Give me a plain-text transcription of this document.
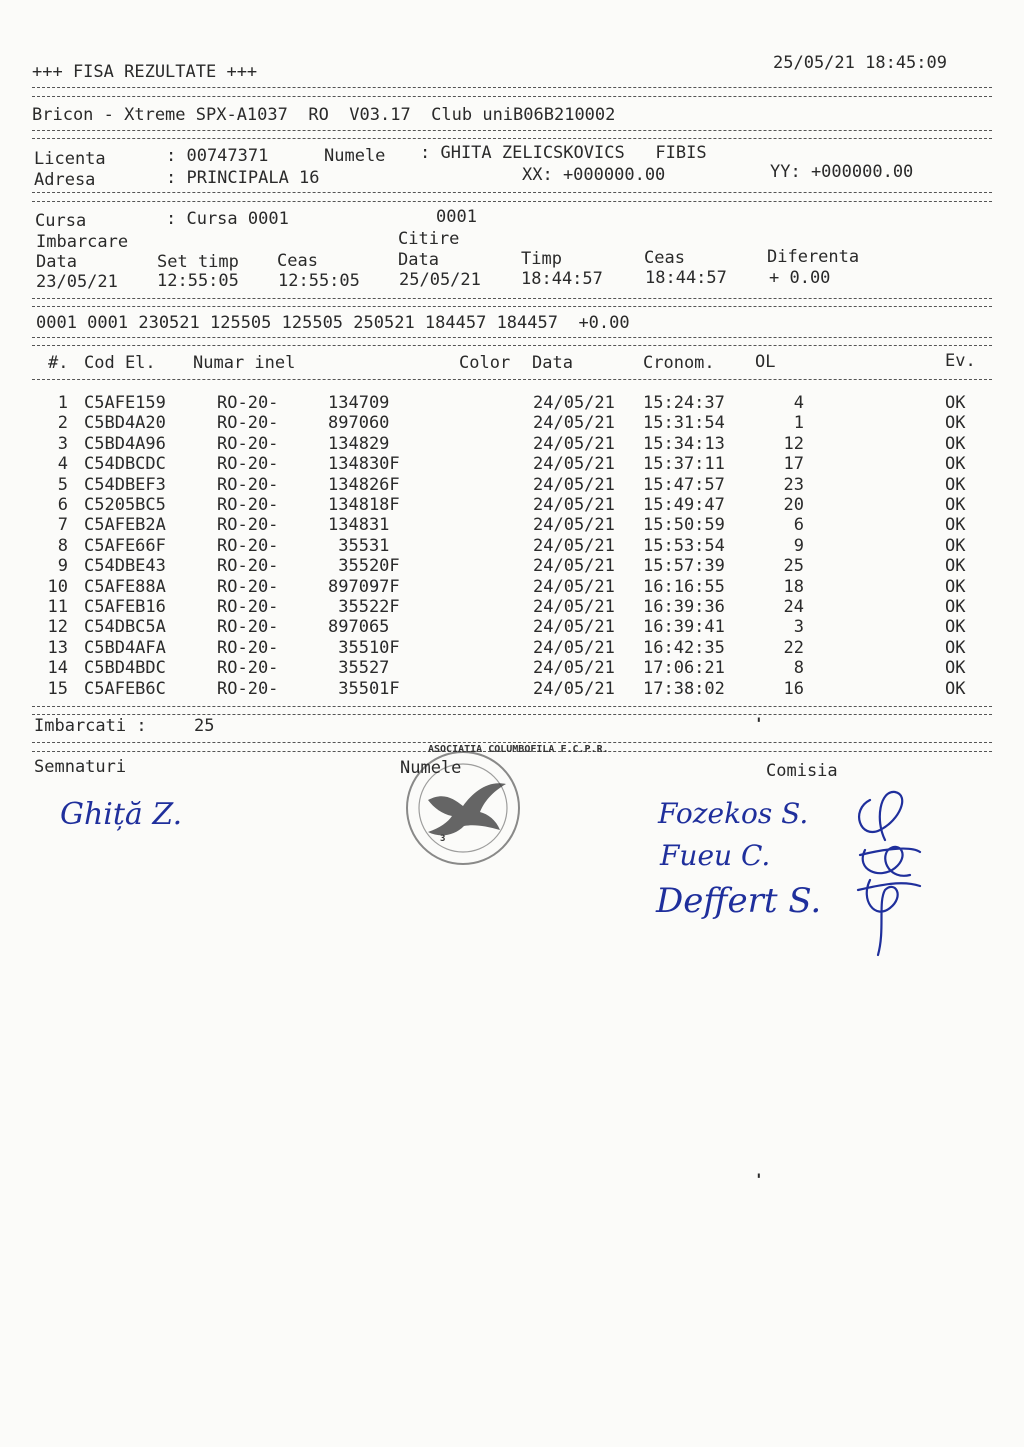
+++ FISA REZULTATE +++	25/05/21 18:45:09
Bricon - Xtreme SPX-A1037  RO  V03.17  Club uniB06B210002
Licenta	: 00747371	Numele : GHITA ZELICSKOVICS   FIBIS
Adresa	: PRINCIPALA 16	XX: +000000.00	YY: +000000.00
Cursa	: Cursa 0001	0001
Imbarcare	Citire
Data	Set timp Ceas	Data	Timp	Ceas	Diferenta
23/05/21 12:55:05 12:55:05 25/05/21 18:44:57 18:44:57 + 0.00
0001 0001 230521 125505 125505 250521 184457 184457  +0.00
#. Cod El. Numar inel	Color Data	Cronom. OL	Ev.
1 C5AFE159	RO-20-	134709	24/05/21 15:24:37	4	OK
2 C5BD4A20	RO-20-	897060	24/05/21 15:31:54	1	OK
3 C5BD4A96	RO-20-	134829	24/05/21 15:34:13	12	OK
4 C54DBCDC	RO-20-	134830F	24/05/21 15:37:11	17	OK
5 C54DBEF3	RO-20-	134826F	24/05/21 15:47:57	23	OK
6 C5205BC5	RO-20-	134818F	24/05/21 15:49:47	20	OK
7 C5AFEB2A	RO-20-	134831	24/05/21 15:50:59	6	OK
8 C5AFE66F	RO-20-	35531	24/05/21 15:53:54	9	OK
9 C54DBE43	RO-20-	35520F	24/05/21 15:57:39	25	OK
10 C5AFE88A	RO-20-	897097F	24/05/21 16:16:55	18	OK
11 C5AFEB16	RO-20-	35522F	24/05/21 16:39:36	24	OK
12 C54DBC5A	RO-20-	897065	24/05/21 16:39:41	3	OK
13 C5BD4AFA	RO-20-	35510F	24/05/21 16:42:35	22	OK
14 C5BD4BDC	RO-20-	35527	24/05/21 17:06:21	8	OK
15 C5AFEB6C	RO-20-	35501F	24/05/21 17:38:02	16	OK
Imbarcati :	25
Semnaturi	Numele	Comisia
ASOCIATIA COLUMBOFILA F.C.P.R.
3
Ghiță Z.	Fozekos S.
Fueu C.
Deffert S.
'
'
